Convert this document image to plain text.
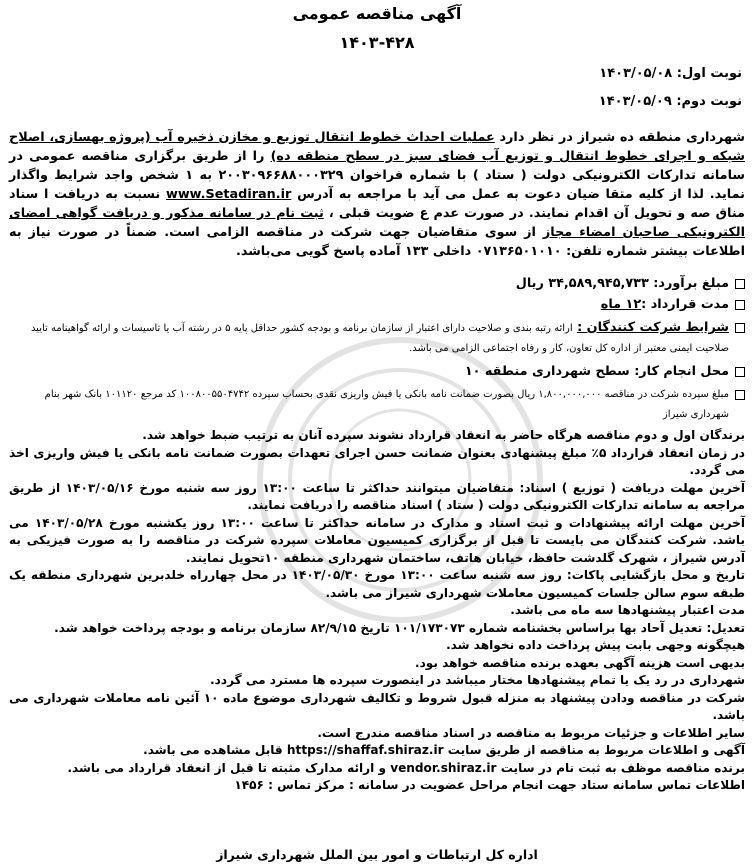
آگهی مناقصه عمومی
۱۴۰۳-۴۲۸
نوبت اول: ۱۴۰۳/۰۵/۰۸
نوبت دوم: ۱۴۰۳/۰۵/۰۹
شهرداری منطقه ده شیراز در نظر دارد عملیات احداث خطوط انتقال توزیع و مخازن ذخیره آب (پروژه بهسازی، اصلاح شبکه و اجرای خطوط انتقال و توزیع آب فضای سبز در سطح منطقه ده) را از طریق برگزاری مناقصه عمومی در سامانه تدارکات الکترونیکی دولت ( ستاد ) با شماره فراخوان ۲۰۰۳۰۹۶۶۸۸۰۰۰۳۲۹ به ۱ شخص واجد شرایط واگذار نماید. لذا از کلیه متقا ضیان دعوت به عمل می آید با مراجعه به آدرس www.Setadiran.ir نسبت به دریافت ا سناد مناق صه و تحویل آن اقدام نمایند. در صورت عدم ع ضویت قبلی ، ثبت نام در سامانه مذکور و دریافت گواهی امضای الکترونیکی صاحبان امضاء مجاز از سوی متقاضیان جهت شرکت در مناقصه الزامی است. ضمناً در صورت نیاز به اطلاعات بیشتر شماره تلفن: ۰۷۱۳۶۵۰۱۰۱۰ داخلی ۱۳۳ آماده پاسخ گویی می‌باشد.
مبلغ برآورد: ۳۴,۵۸۹,۹۴۵,۷۳۳ ریال
مدت قرارداد :
۱۲ ماه
شرایط شرکت کنندگان : ارائه رتبه بندی و صلاحیت دارای اعتبار از سازمان برنامه و بودجه کشور حداقل پایه ۵ در رشته آب یا تاسیسات و ارائه گواهینامه تایید صلاحیت ایمنی معتبر از اداره کل تعاون، کار و رفاه اجتماعی الزامی می باشد.
محل انجام کار: سطح شهرداری منطقه ۱۰
مبلغ سپرده شرکت در مناقصه ۱,۸۰۰,۰۰۰,۰۰۰ ریال بصورت ضمانت نامه بانکی یا فیش واریزی نقدی بحساب سپرده ۱۰۰۸۰۰۵۵۰۴۷۴۲ کد مرجع ۱۰۱۱۲۰ بانک شهر بنام شهرداری شیراز
برندگان اول و دوم مناقصه هرگاه حاضر به انعقاد قرارداد نشوند سپرده آنان به ترتیب ضبط خواهد شد.
در زمان انعقاد قرارداد ۵٪ مبلغ پیشنهادی بعنوان ضمانت حسن اجرای تعهدات بصورت ضمانت نامه بانکی یا فیش واریزی اخذ می گردد.
آخرین مهلت دریافت ( توزیع ) اسناد: متقاضیان میتوانند حداکثر تا ساعت ۱۳:۰۰ روز سه شنبه مورخ ۱۴۰۳/۰۵/۱۶ از طریق مراجعه به سامانه تدارکات الکترونیکی دولت ( ستاد ) اسناد مناقصه را دریافت نمایند.
آخرین مهلت ارائه پیشنهادات و ثبت اسناد و مدارک در سامانه حداکثر تا ساعت ۱۳:۰۰ روز یکشنبه مورخ ۱۴۰۳/۰۵/۲۸ می باشد. شرکت کنندگان می بایست تا قبل از برگزاری کمیسیون معاملات سپرده شرکت در مناقصه را به صورت فیزیکی به آدرس شیراز ، شهرک گلدشت حافظ، خیابان هاتف، ساختمان شهرداری منطقه ۱۰تحویل نمایند.
تاریخ و محل بازگشایی پاکات: روز سه شنبه ساعت ۱۳:۰۰ مورخ ۱۴۰۳/۰۵/۳۰ در محل چهارراه خلدبرین شهرداری منطقه یک طبقه سوم سالن جلسات کمیسیون معاملات شهرداری شیراز می باشد.
مدت اعتبار پیشنهادها سه ماه می باشد.
تعدیل: تعدیل آحاد بها براساس بخشنامه شماره ۱۰۱/۱۷۳۰۷۳ تاریخ ۸۲/۹/۱۵ سازمان برنامه و بودجه پرداخت خواهد شد.
هیچگونه وجهی بابت پیش پرداخت داده نخواهد شد.
بدیهی است هزینه آگهی بعهده برنده مناقصه خواهد بود.
شهرداری در رد یک یا تمام پیشنهادها مختار میباشد در اینصورت سپرده ها مسترد می گردد.
شرکت در مناقصه ودادن پیشنهاد به منزله قبول شروط و تکالیف شهرداری موضوع ماده ۱۰ آئین نامه معاملات شهرداری می باشد.
سایر اطلاعات و جزئیات مربوط به مناقصه در اسناد مناقصه مندرج است.
آگهی و اطلاعات مربوط به مناقصه از طریق سایت https://shaffaf.shiraz.ir قابل مشاهده می باشد.
برنده مناقصه موظف به ثبت نام در سایت vendor.shiraz.ir و ارائه مدارک مثبته تا قبل از انعقاد قرارداد می باشد.
اطلاعات تماس سامانه ستاد جهت انجام مراحل عضویت در سامانه : مرکز تماس : ۱۴۵۶
اداره کل ارتباطات و امور بین الملل شهرداری شیراز
